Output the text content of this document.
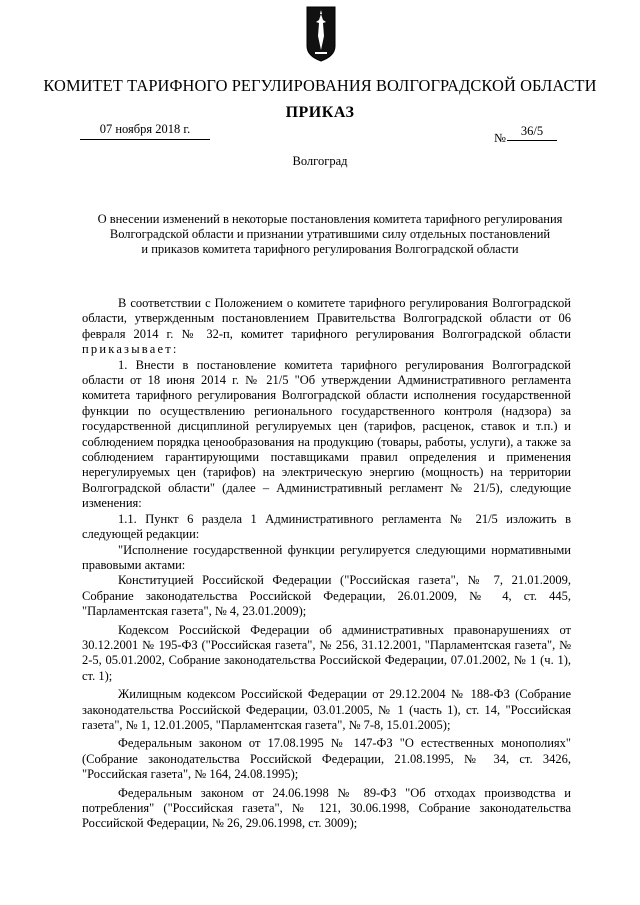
КОМИТЕТ ТАРИФНОГО РЕГУЛИРОВАНИЯ ВОЛГОГРАДСКОЙ ОБЛАСТИ
ПРИКАЗ
07 ноября 2018 г.
№	36/5
Волгоград
О внесении изменений в некоторые постановления комитета тарифного регулирования
Волгоградской области и признании утратившими силу отдельных постановлений
и приказов комитета тарифного регулирования Волгоградской области

В соответствии с Положением о комитете тарифного регулирования Волгоградской области, утвержденным постановлением Правительства Волгоградской области от 06 февраля 2014 г. № 32-п, комитет тарифного регулирования Волгоградской области приказывает:

1. Внести в постановление комитета тарифного регулирования Волгоградской области от 18 июня 2014 г. № 21/5 "Об утверждении Административного регламента комитета тарифного регулирования Волгоградской области исполнения государственной функции по осуществлению регионального государственного контроля (надзора) за государственной дисциплиной регулируемых цен (тарифов, расценок, ставок и т.п.) и соблюдением порядка ценообразования на продукцию (товары, работы, услуги), а также за соблюдением гарантирующими поставщиками правил определения и применения нерегулируемых цен (тарифов) на электрическую энергию (мощность) на территории Волгоградской области" (далее – Административный регламент № 21/5), следующие изменения:

1.1. Пункт 6 раздела 1 Административного регламента № 21/5 изложить в следующей редакции:

"Исполнение государственной функции регулируется следующими нормативными правовыми актами:

Конституцией Российской Федерации ("Российская газета", № 7, 21.01.2009, Собрание законодательства Российской Федерации, 26.01.2009, № 4, ст. 445, "Парламентская газета", № 4, 23.01.2009);

Кодексом Российской Федерации об административных правонарушениях от 30.12.2001 № 195-ФЗ ("Российская газета", № 256, 31.12.2001, "Парламентская газета", № 2-5, 05.01.2002, Собрание законодательства Российской Федерации, 07.01.2002, № 1 (ч. 1), ст. 1);

Жилищным кодексом Российской Федерации от 29.12.2004 № 188-ФЗ (Собрание законодательства Российской Федерации, 03.01.2005, № 1 (часть 1), ст. 14, "Российская газета", № 1, 12.01.2005, "Парламентская газета", № 7-8, 15.01.2005);

Федеральным законом от 17.08.1995 № 147-ФЗ "О естественных монополиях" (Собрание законодательства Российской Федерации, 21.08.1995, № 34, ст. 3426, "Российская газета", № 164, 24.08.1995);

Федеральным законом от 24.06.1998 № 89-ФЗ "Об отходах производства и потребления" ("Российская газета", № 121, 30.06.1998, Собрание законодательства Российской Федерации, № 26, 29.06.1998, ст. 3009);
